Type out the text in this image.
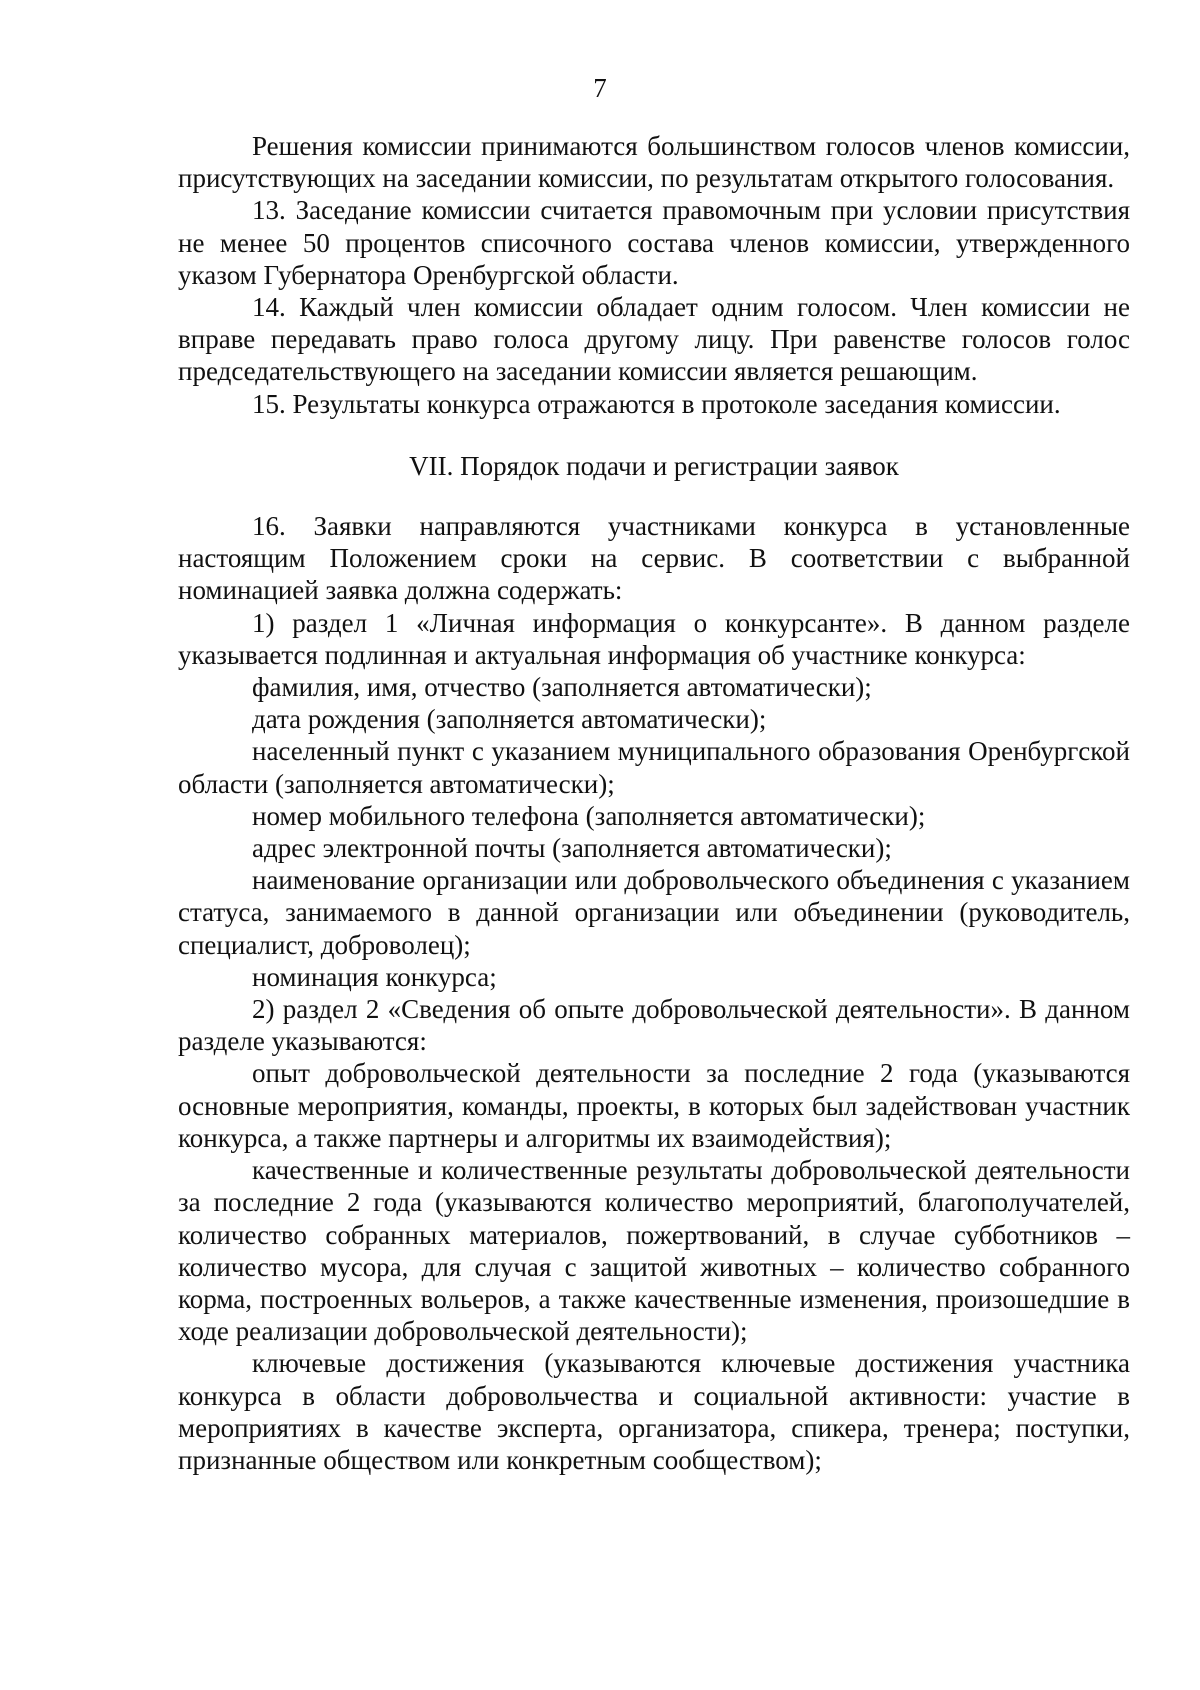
7

Решения комиссии принимаются большинством голосов членов комиссии, присутствующих на заседании комиссии, по результатам открытого голосования.

13. Заседание комиссии считается правомочным при условии присутствия не менее 50 процентов списочного состава членов комиссии, утвержденного указом Губернатора Оренбургской области.

14. Каждый член комиссии обладает одним голосом. Член комиссии не вправе передавать право голоса другому лицу. При равенстве голосов голос председательствующего на заседании комиссии является решающим.

15. Результаты конкурса отражаются в протоколе заседания комиссии.

VII. Порядок подачи и регистрации заявок

16. Заявки направляются участниками конкурса в установленные настоящим Положением сроки на сервис. В соответствии с выбранной номинацией заявка должна содержать:

1) раздел 1 «Личная информация о конкурсанте». В данном разделе указывается подлинная и актуальная информация об участнике конкурса:

фамилия, имя, отчество (заполняется автоматически);

дата рождения (заполняется автоматически);

населенный пункт с указанием муниципального образования Оренбургской области (заполняется автоматически);

номер мобильного телефона (заполняется автоматически);

адрес электронной почты (заполняется автоматически);

наименование организации или добровольческого объединения с указанием статуса, занимаемого в данной организации или объединении (руководитель, специалист, доброволец);

номинация конкурса;

2) раздел 2 «Сведения об опыте добровольческой деятельности». В данном разделе указываются:

опыт добровольческой деятельности за последние 2 года (указываются основные мероприятия, команды, проекты, в которых был задействован участник конкурса, а также партнеры и алгоритмы их взаимодействия);

качественные и количественные результаты добровольческой деятельности за последние 2 года (указываются количество мероприятий, благополучателей, количество собранных материалов, пожертвований, в случае субботников – количество мусора, для случая с защитой животных – количество собранного корма, построенных вольеров, а также качественные изменения, произошедшие в ходе реализации добровольческой деятельности);

ключевые достижения (указываются ключевые достижения участника конкурса в области добровольчества и социальной активности: участие в мероприятиях в качестве эксперта, организатора, спикера, тренера; поступки, признанные обществом или конкретным сообществом);
